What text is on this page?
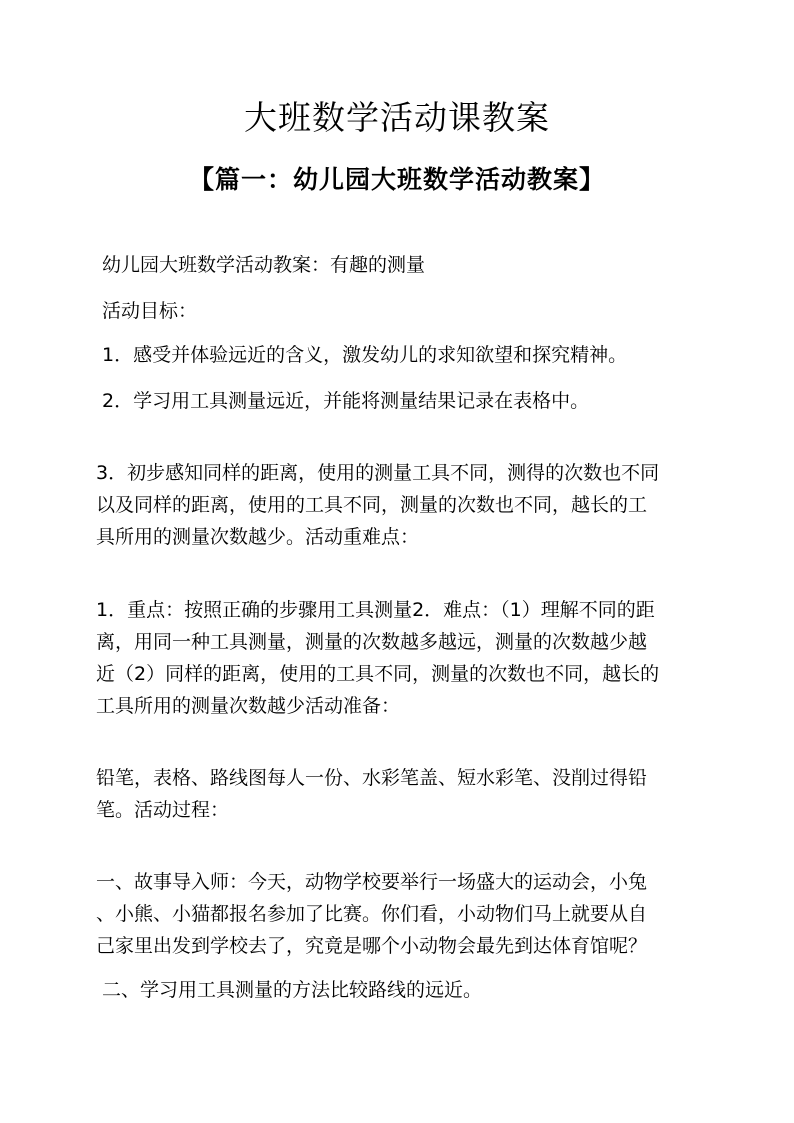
大班数学活动课教案
【篇一：幼儿园大班数学活动教案】

幼儿园大班数学活动教案：有趣的测量

活动目标：

1．感受并体验远近的含义，激发幼儿的求知欲望和探究精神。

2．学习用工具测量远近，并能将测量结果记录在表格中。

3．初步感知同样的距离，使用的测量工具不同，测得的次数也不同

以及同样的距离，使用的工具不同，测量的次数也不同，越长的工

具所用的测量次数越少。活动重难点：

1．重点：按照正确的步骤用工具测量2．难点：（1）理解不同的距

离，用同一种工具测量，测量的次数越多越远，测量的次数越少越

近（2）同样的距离，使用的工具不同，测量的次数也不同，越长的

工具所用的测量次数越少活动准备：

铅笔，表格、路线图每人一份、水彩笔盖、短水彩笔、没削过得铅

笔。活动过程：

一、故事导入师：今天，动物学校要举行一场盛大的运动会，小兔

、小熊、小猫都报名参加了比赛。你们看，小动物们马上就要从自

己家里出发到学校去了，究竟是哪个小动物会最先到达体育馆呢？

二、学习用工具测量的方法比较路线的远近。
